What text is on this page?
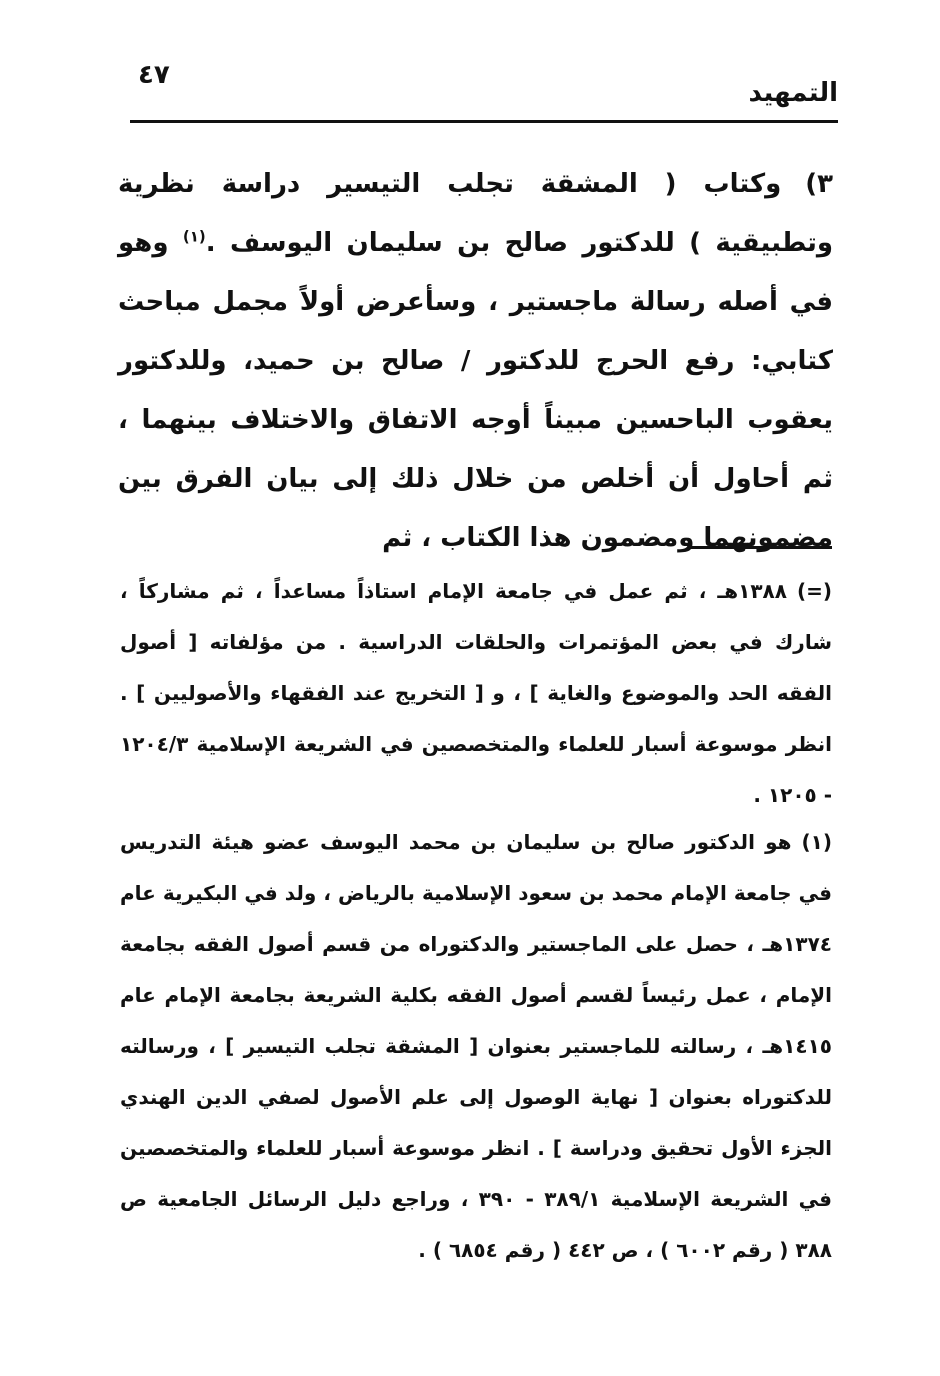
٤٧
التمهيد
٣)وكتاب ( المشقة تجلب التيسير دراسة نظرية وتطبيقية ) للدكتور صالح بن سليمان اليوسف .$^{(١)}$ وهو في أصله رسالة ماجستير ، وسأعرض أولاً مجمل مباحث كتابي: رفع الحرج للدكتور / صالح بن حميد، وللدكتور يعقوب الباحسين مبيناً أوجه الاتفاق والاختلاف بينهما ، ثم أحاول أن أخلص من خلال ذلك إلى بيان الفرق بين مضمونهما ومضمون هذا الكتاب ، ثم
(=)١٣٨٨هـ ، ثم عمل في جامعة الإمام استاذاً مساعداً ، ثم مشاركاً ، شارك في بعض المؤتمرات والحلقات الدراسية . من مؤلفاته [ أصول الفقه الحد والموضوع والغاية ] ، و [ التخريج عند الفقهاء والأصوليين ] . انظر موسوعة أسبار للعلماء والمتخصصين في الشريعة الإسلامية ١٢٠٤/٣ - ١٢٠٥ .
(١)هو الدكتور صالح بن سليمان بن محمد اليوسف عضو هيئة التدريس في جامعة الإمام محمد بن سعود الإسلامية بالرياض ، ولد في البكيرية عام ١٣٧٤هـ ، حصل على الماجستير والدكتوراه من قسم أصول الفقه بجامعة الإمام ، عمل رئيساً لقسم أصول الفقه بكلية الشريعة بجامعة الإمام عام ١٤١٥هـ ، رسالته للماجستير بعنوان [ المشقة تجلب التيسير ] ، ورسالته للدكتوراه بعنوان [ نهاية الوصول إلى علم الأصول لصفي الدين الهندي الجزء الأول تحقيق ودراسة ] . انظر موسوعة أسبار للعلماء والمتخصصين في الشريعة الإسلامية ٣٨٩/١ - ٣٩٠ ، وراجع دليل الرسائل الجامعية ص ٣٨٨ ( رقم ٦٠٠٢ ) ، ص ٤٤٢ ( رقم ٦٨٥٤ ) .
